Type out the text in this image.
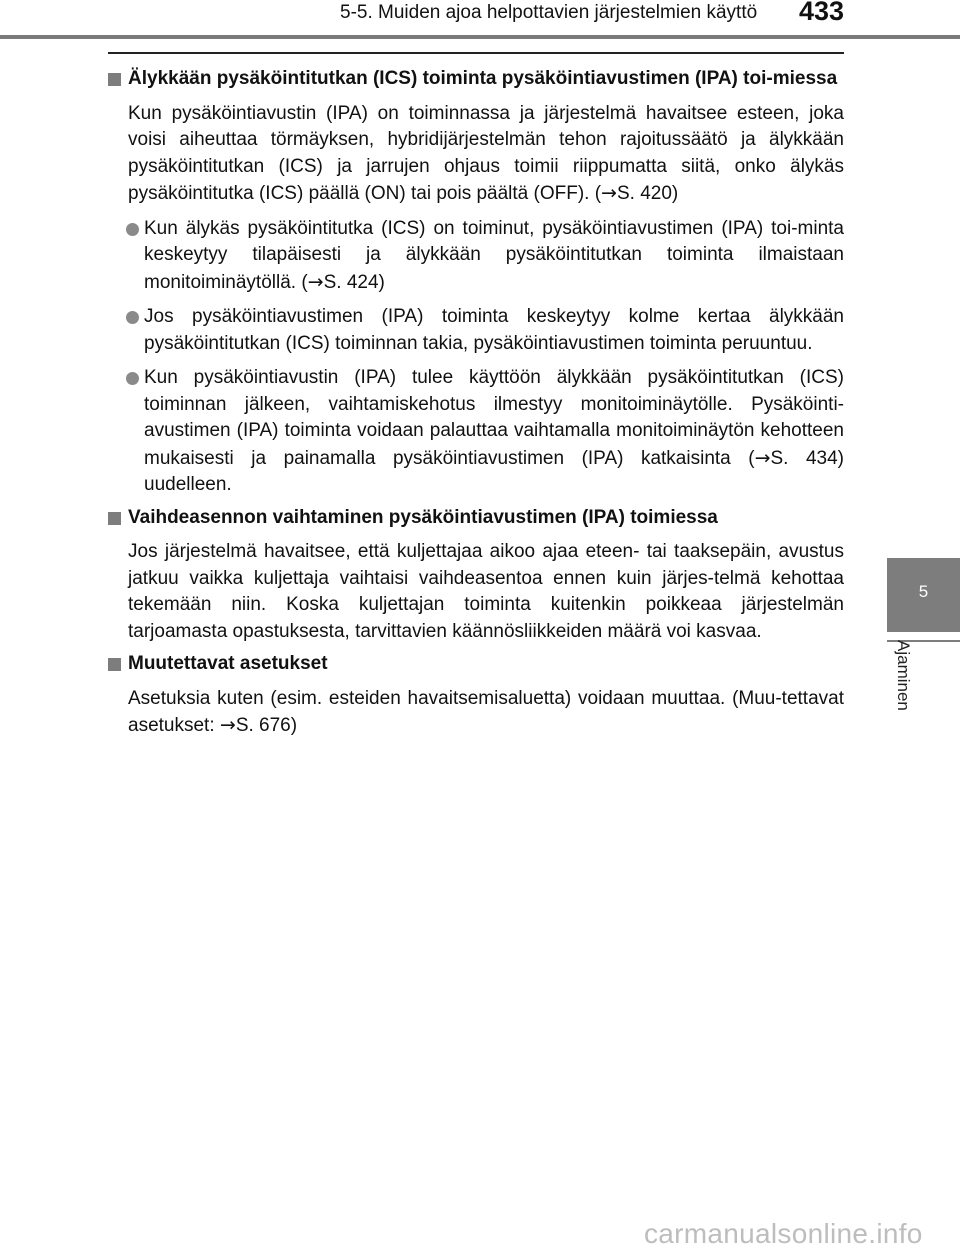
5-5. Muiden ajoa helpottavien järjestelmien käyttö 433
5
Ajaminen
Älykkään pysäköintitutkan (ICS) toiminta pysäköintiavustimen (IPA) toi-miessa
Kun pysäköintiavustin (IPA) on toiminnassa ja järjestelmä havaitsee esteen, joka voisi aiheuttaa törmäyksen, hybridijärjestelmän tehon rajoitussäätö ja älykkään pysäköintitutkan (ICS) ja jarrujen ohjaus toimii riippumatta siitä, onko älykäs pysäköintitutka (ICS) päällä (ON) tai pois päältä (OFF). (→S. 420)
Kun älykäs pysäköintitutka (ICS) on toiminut, pysäköintiavustimen (IPA) toi-minta keskeytyy tilapäisesti ja älykkään pysäköintitutkan toiminta ilmaistaan monitoiminäytöllä. (→S. 424)
Jos pysäköintiavustimen (IPA) toiminta keskeytyy kolme kertaa älykkään pysäköintitutkan (ICS) toiminnan takia, pysäköintiavustimen toiminta peruuntuu.
Kun pysäköintiavustin (IPA) tulee käyttöön älykkään pysäköintitutkan (ICS) toiminnan jälkeen, vaihtamiskehotus ilmestyy monitoiminäytölle. Pysäköinti-avustimen (IPA) toiminta voidaan palauttaa vaihtamalla monitoiminäytön kehotteen mukaisesti ja painamalla pysäköintiavustimen (IPA) katkaisinta (→S. 434) uudelleen.
Vaihdeasennon vaihtaminen pysäköintiavustimen (IPA) toimiessa
Jos järjestelmä havaitsee, että kuljettajaa aikoo ajaa eteen- tai taaksepäin, avustus jatkuu vaikka kuljettaja vaihtaisi vaihdeasentoa ennen kuin järjes-telmä kehottaa tekemään niin. Koska kuljettajan toiminta kuitenkin poikkeaa järjestelmän tarjoamasta opastuksesta, tarvittavien käännösliikkeiden määrä voi kasvaa.
Muutettavat asetukset
Asetuksia kuten (esim. esteiden havaitsemisaluetta) voidaan muuttaa. (Muu-tettavat asetukset: →S. 676)
carmanualsonline.info
